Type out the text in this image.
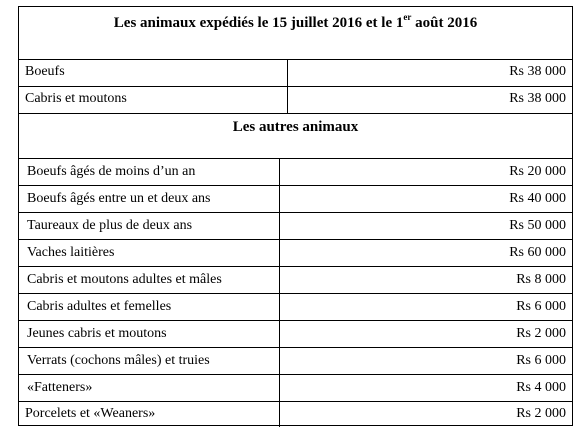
Les animaux expédiés le 15 juillet 2016 et le 1er août 2016
Boeufs	Rs 38 000
Cabris et moutons	Rs 38 000
Les autres animaux
Boeufs âgés de moins d’un an	Rs 20 000
Boeufs âgés entre un et deux ans	Rs 40 000
Taureaux de plus de deux ans	Rs 50 000
Vaches laitières	Rs 60 000
Cabris et moutons adultes et mâles	Rs 8 000
Cabris adultes et femelles	Rs 6 000
Jeunes cabris et moutons	Rs 2 000
Verrats (cochons mâles) et truies	Rs 6 000
«Fatteners»	Rs 4 000
Porcelets et «Weaners»	Rs 2 000
